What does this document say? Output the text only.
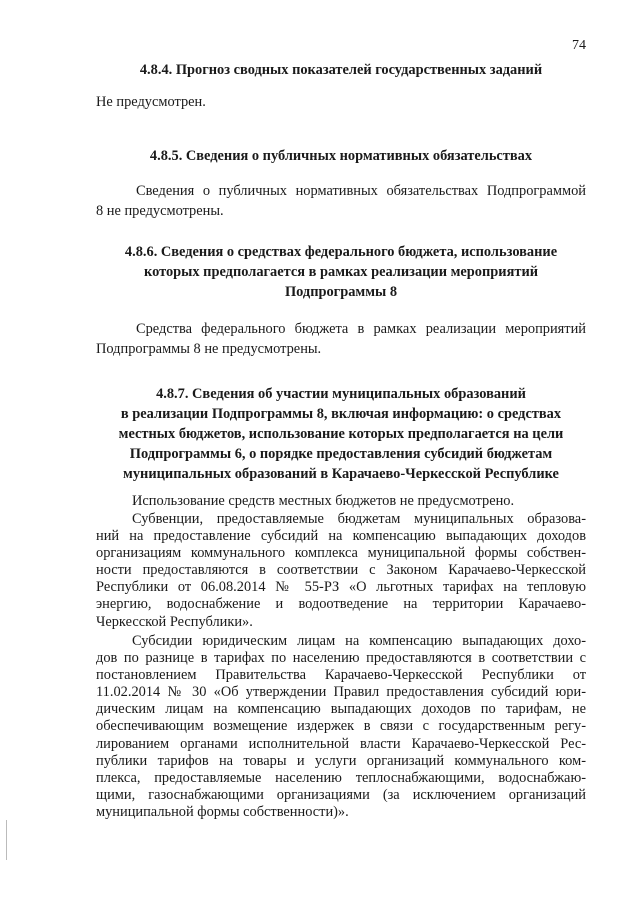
74
4.8.4. Прогноз сводных показателей государственных заданий
Не предусмотрен.
4.8.5. Сведения о публичных нормативных обязательствах
Сведения о публичных нормативных обязательствах Подпрограммой
8 не предусмотрены.
4.8.6. Сведения о средствах федерального бюджета, использование
которых предполагается в рамках реализации мероприятий
Подпрограммы 8
Средства федерального бюджета в рамках реализации мероприятий
Подпрограммы 8 не предусмотрены.
4.8.7. Сведения об участии муниципальных образований
в реализации Подпрограммы 8, включая информацию: о средствах
местных бюджетов, использование которых предполагается на цели
Подпрограммы 6, о порядке предоставления субсидий бюджетам
муниципальных образований в Карачаево-Черкесской Республике
Использование средств местных бюджетов не предусмотрено.
Субвенции, предоставляемые бюджетам муниципальных образова-
ний на предоставление субсидий на компенсацию выпадающих доходов
организациям коммунального комплекса муниципальной формы собствен-
ности предоставляются в соответствии с Законом Карачаево-Черкесской
Республики от 06.08.2014 № 55-РЗ «О льготных тарифах на тепловую
энергию, водоснабжение и водоотведение на территории Карачаево-
Черкесской Республики».
Субсидии юридическим лицам на компенсацию выпадающих дохо-
дов по разнице в тарифах по населению предоставляются в соответствии с
постановлением Правительства Карачаево-Черкесской Республики от
11.02.2014 № 30 «Об утверждении Правил предоставления субсидий юри-
дическим лицам на компенсацию выпадающих доходов по тарифам, не
обеспечивающим возмещение издержек в связи с государственным регу-
лированием органами исполнительной власти Карачаево-Черкесской Рес-
публики тарифов на товары и услуги организаций коммунального ком-
плекса, предоставляемые населению теплоснабжающими, водоснабжаю-
щими, газоснабжающими организациями (за исключением организаций
муниципальной формы собственности)».
